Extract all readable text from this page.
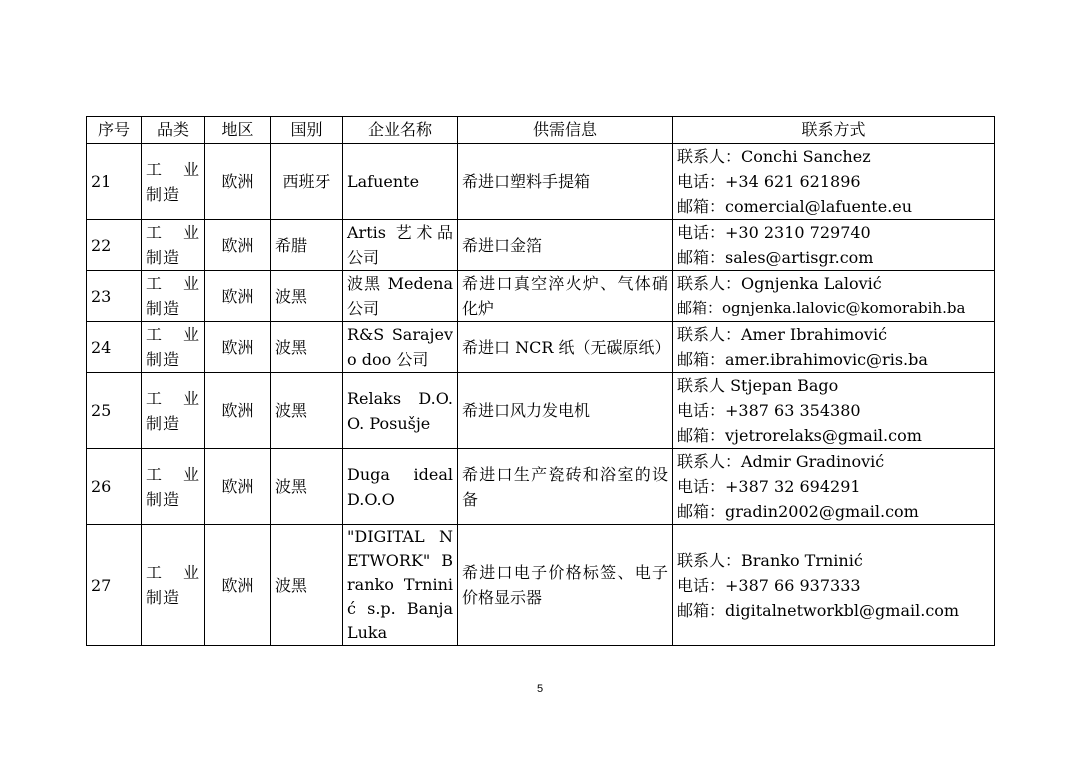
序号	品类	地区	国别	企业名称	供需信息	联系方式
21	工 业 制造	欧洲	西班牙	Lafuente	希进口塑料手提箱	联系人：Conchi Sanchez
电话：+34 621 621896
邮箱：comercial@lafuente.eu

22	工 业 制造	欧洲	希腊	Artis 艺术品公司	希进口金箔	电话：+30 2310 729740
邮箱：sales@artisgr.com

23	工 业 制造	欧洲	波黑	波黑 Medena 公司	希进口真空淬火炉、气体硝化炉	联系人：Ognjenka Lalović
邮箱：ognjenka.lalovic@komorabih.ba

24	工 业 制造	欧洲	波黑	R&S Sarajevo doo 公司	希进口 NCR 纸（无碳原纸）	联系人：Amer Ibrahimović
邮箱：amer.ibrahimovic@ris.ba

25	工 业 制造	欧洲	波黑	Relaks D.O.O. Posušje	希进口风力发电机	联系人 Stjepan Bago
电话：+387 63 354380
邮箱：vjetrorelaks@gmail.com

26	工 业 制造	欧洲	波黑	Duga ideal D.O.O	希进口生产瓷砖和浴室的设备	联系人：Admir Gradinović
电话：+387 32 694291
邮箱：gradin2002@gmail.com

27	工 业 制造	欧洲	波黑	"DIGITAL NETWORK" Branko Trninić s.p. Banja Luka	希进口电子价格标签、电子价格显示器	联系人：Branko Trninić
电话：+387 66 937333
邮箱：digitalnetworkbl@gmail.com
5
